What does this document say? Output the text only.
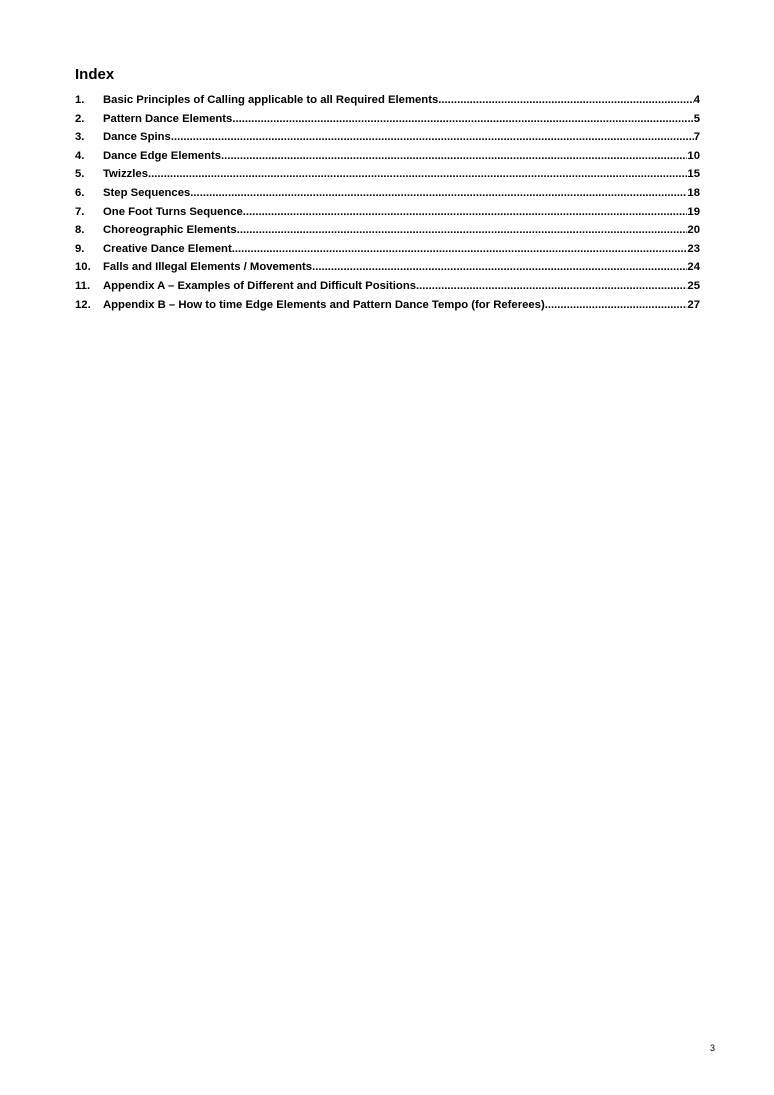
Index
1.	Basic Principles of Calling applicable to all Required Elements .....	4
2.	Pattern Dance Elements .....	5
3.	Dance Spins .....	7
4.	Dance Edge Elements .....	10
5.	Twizzles .....	15
6.	Step Sequences .....	18
7.	One Foot Turns Sequence .....	19
8.	Choreographic Elements .....	20
9.	Creative Dance Element .....	23
10.	Falls and Illegal Elements / Movements .....	24
11.	Appendix A – Examples of Different and Difficult Positions .....	25
12.	Appendix B – How to time Edge Elements and Pattern Dance Tempo (for Referees) .....	27
3
